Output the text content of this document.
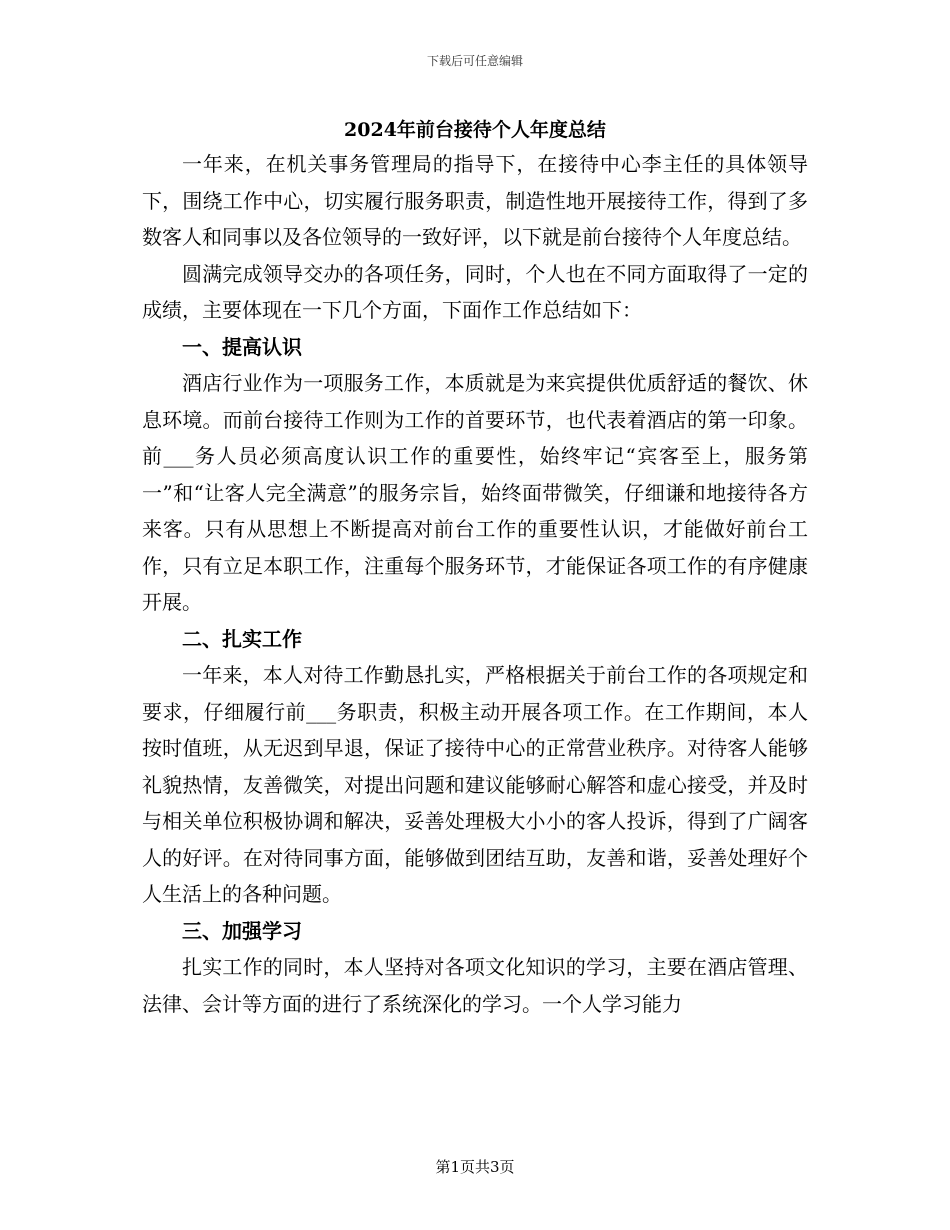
下载后可任意编辑
2024年前台接待个人年度总结

一年来，在机关事务管理局的指导下，在接待中心李主任的具体领导下，围绕工作中心，切实履行服务职责，制造性地开展接待工作，得到了多数客人和同事以及各位领导的一致好评，以下就是前台接待个人年度总结。

圆满完成领导交办的各项任务，同时，个人也在不同方面取得了一定的成绩，主要体现在一下几个方面，下面作工作总结如下：

一、提高认识

酒店行业作为一项服务工作，本质就是为来宾提供优质舒适的餐饮、休息环境。而前台接待工作则为工作的首要环节，也代表着酒店的第一印象。前___务人员必须高度认识工作的重要性，始终牢记“宾客至上，服务第一”和“让客人完全满意”的服务宗旨，始终面带微笑，仔细谦和地接待各方来客。只有从思想上不断提高对前台工作的重要性认识，才能做好前台工作，只有立足本职工作，注重每个服务环节，才能保证各项工作的有序健康开展。

二、扎实工作

一年来，本人对待工作勤恳扎实，严格根据关于前台工作的各项规定和要求，仔细履行前___务职责，积极主动开展各项工作。在工作期间，本人按时值班，从无迟到早退，保证了接待中心的正常营业秩序。对待客人能够礼貌热情，友善微笑，对提出问题和建议能够耐心解答和虚心接受，并及时与相关单位积极协调和解决，妥善处理极大小小的客人投诉，得到了广阔客人的好评。在对待同事方面，能够做到团结互助，友善和谐，妥善处理好个人生活上的各种问题。

三、加强学习

扎实工作的同时，本人坚持对各项文化知识的学习，主要在酒店管理、法律、会计等方面的进行了系统深化的学习。一个人学习能力

第1页共3页
